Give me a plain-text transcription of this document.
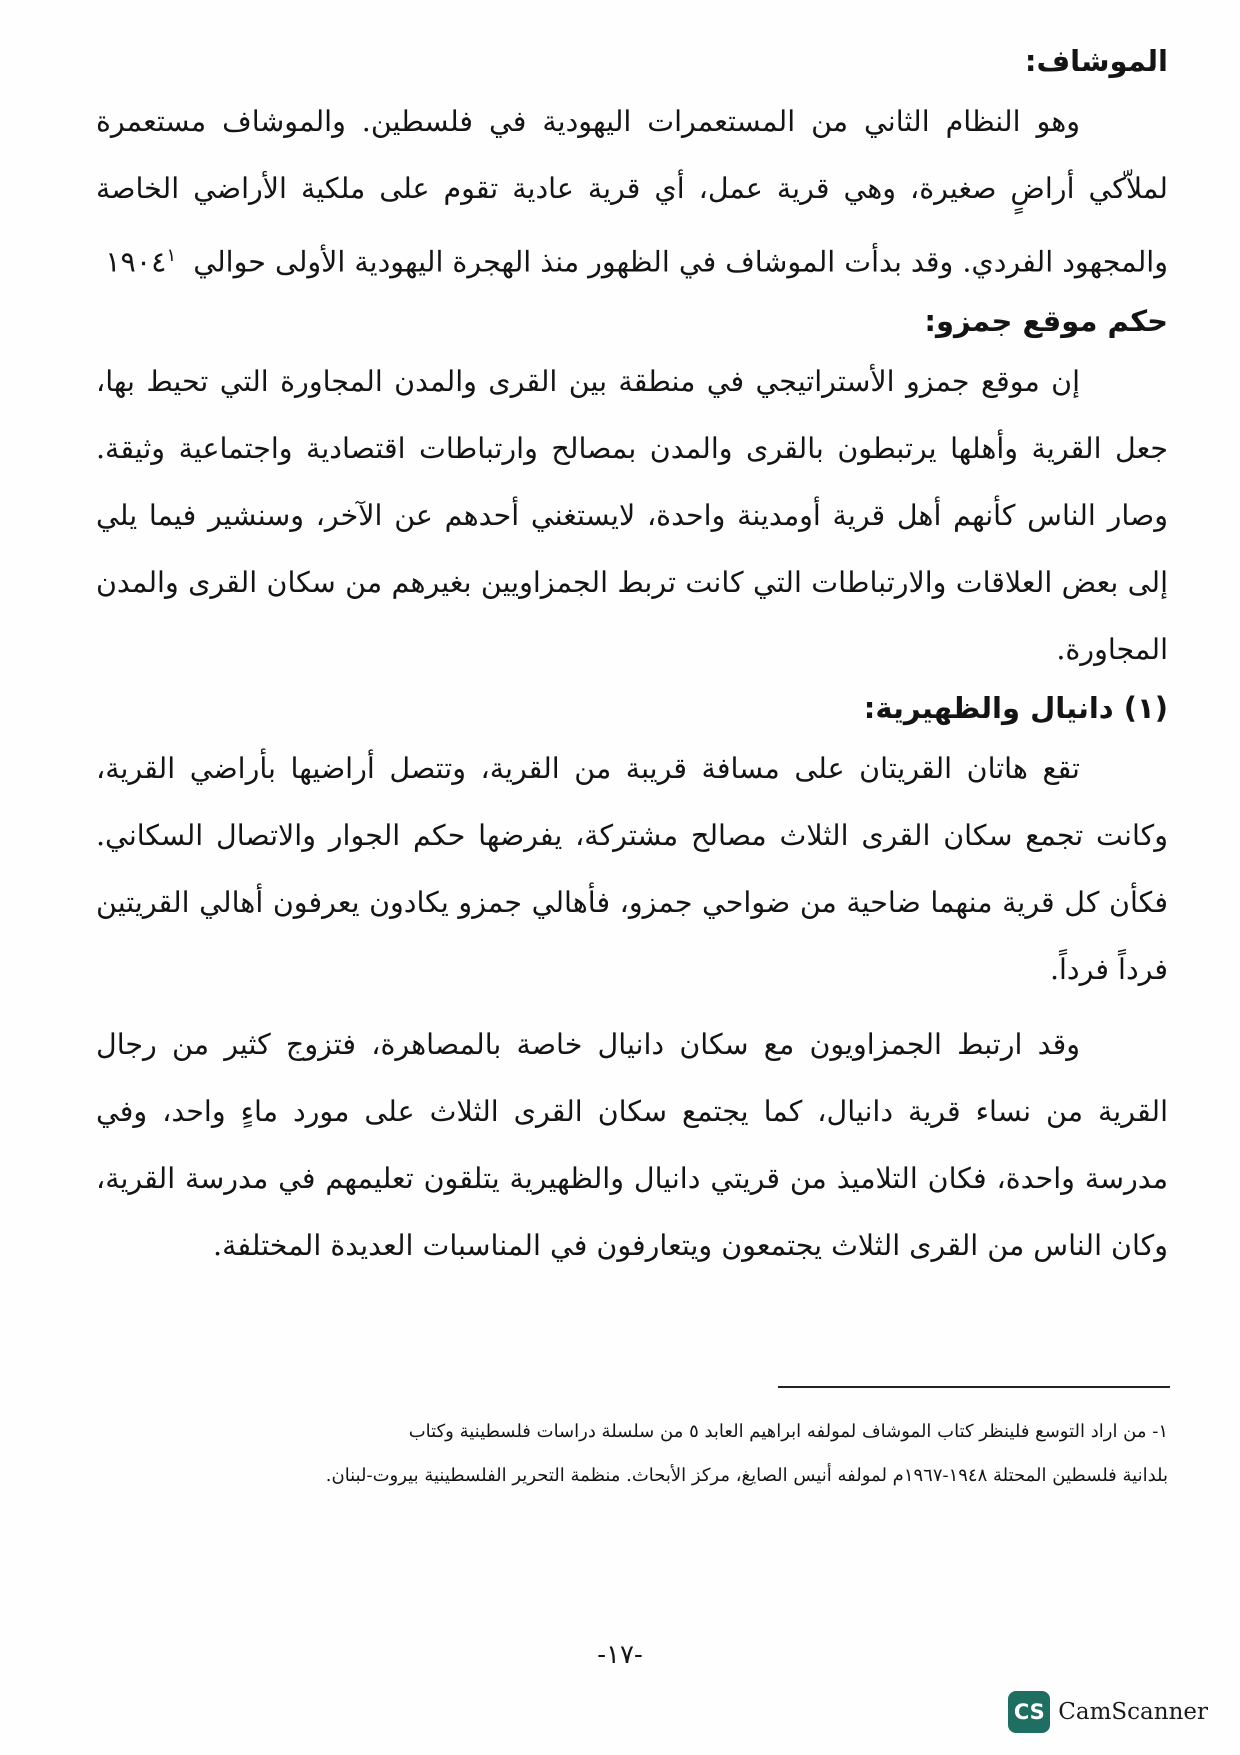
الموشاف:

وهو النظام الثاني من المستعمرات اليهودية في فلسطين. والموشاف مستعمرة لملاّكي أراضٍ صغيرة، وهي قرية عمل، أي قرية عادية تقوم على ملكية الأراضي الخاصة والمجهود الفردي. وقد بدأت الموشاف في الظهور منذ الهجرة اليهودية الأولى حوالي ١٩٠٤$^١$

حكم موقع جمزو:

إن موقع جمزو الأستراتيجي في منطقة بين القرى والمدن المجاورة التي تحيط بها، جعل القرية وأهلها يرتبطون بالقرى والمدن بمصالح وارتباطات اقتصادية واجتماعية وثيقة. وصار الناس كأنهم أهل قرية أومدينة واحدة، لايستغني أحدهم عن الآخر، وسنشير فيما يلي إلى بعض العلاقات والارتباطات التي كانت تربط الجمزاويين بغيرهم من سكان القرى والمدن المجاورة.

(١) دانيال والظهيرية:

تقع هاتان القريتان على مسافة قريبة من القرية، وتتصل أراضيها بأراضي القرية، وكانت تجمع سكان القرى الثلاث مصالح مشتركة، يفرضها حكم الجوار والاتصال السكاني. فكأن كل قرية منهما ضاحية من ضواحي جمزو، فأهالي جمزو يكادون يعرفون أهالي القريتين فرداً فرداً.

وقد ارتبط الجمزاويون مع سكان دانيال خاصة بالمصاهرة، فتزوج كثير من رجال القرية من نساء قرية دانيال، كما يجتمع سكان القرى الثلاث على مورد ماءٍ واحد، وفي مدرسة واحدة، فكان التلاميذ من قريتي دانيال والظهيرية يتلقون تعليمهم في مدرسة القرية، وكان الناس من القرى الثلاث يجتمعون ويتعارفون في المناسبات العديدة المختلفة.

١- من اراد التوسع فلينظر كتاب الموشاف لمولفه ابراهيم العابد ٥ من سلسلة دراسات فلسطينية وكتاب

بلدانية فلسطين المحتلة ١٩٤٨-١٩٦٧م لمولفه أنيس الصايغ، مركز الأبحاث. منظمة التحرير الفلسطينية بيروت-لبنان.

-١٧-
CS CamScanner
